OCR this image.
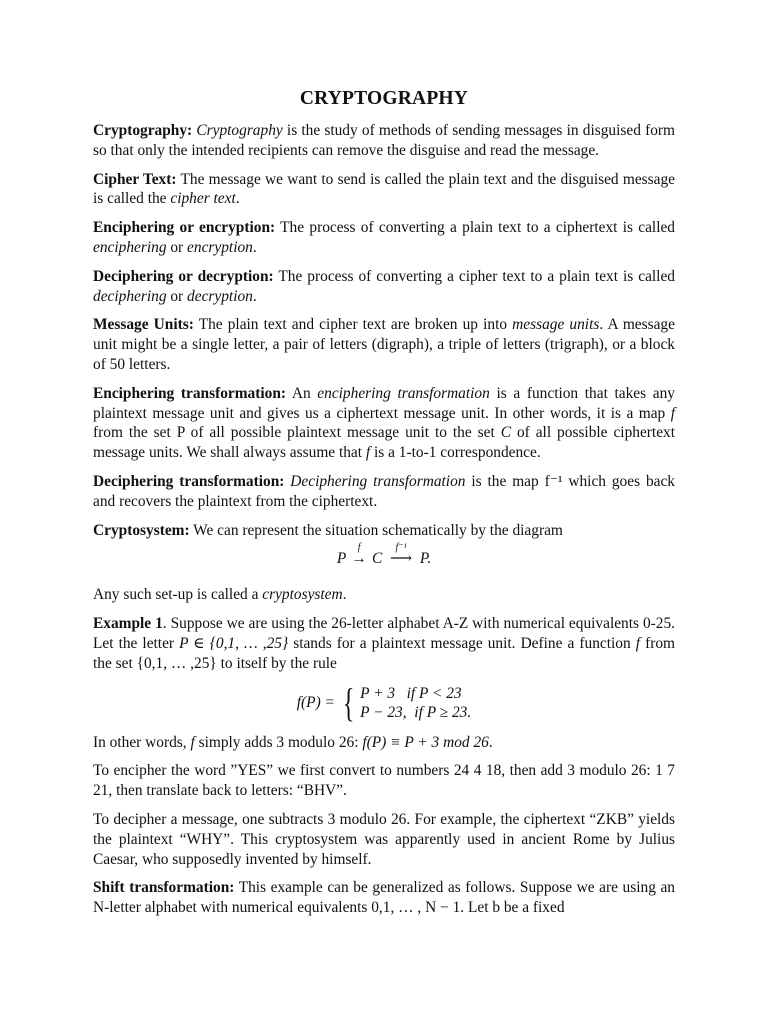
CRYPTOGRAPHY

Cryptography: Cryptography is the study of methods of sending messages in disguised form so that only the intended recipients can remove the disguise and read the message.

Cipher Text: The message we want to send is called the plain text and the disguised message is called the cipher text.

Enciphering or encryption: The process of converting a plain text to a ciphertext is called enciphering or encryption.

Deciphering or decryption: The process of converting a cipher text to a plain text is called deciphering or decryption.

Message Units: The plain text and cipher text are broken up into message units. A message unit might be a single letter, a pair of letters (digraph), a triple of letters (trigraph), or a block of 50 letters.

Enciphering transformation: An enciphering transformation is a function that takes any plaintext message unit and gives us a ciphertext message unit. In other words, it is a map f from the set P of all possible plaintext message unit to the set C of all possible ciphertext message units. We shall always assume that f is a 1-to-1 correspondence.

Deciphering transformation: Deciphering transformation is the map f⁻¹ which goes back and recovers the plaintext from the ciphertext.

Cryptosystem: We can represent the situation schematically by the diagram

P
f
→ C
f⁻¹
⟶ P.

Any such set-up is called a cryptosystem.

Example 1. Suppose we are using the 26-letter alphabet A-Z with numerical equivalents 0-25. Let the letter P ∈ {0,1, … ,25} stands for a plaintext message unit. Define a function f from the set {0,1, … ,25} to itself by the rule

f(P) = { P + 3   if P < 23
P − 23,  if P ≥ 23.

In other words, f simply adds 3 modulo 26: f(P) ≡ P + 3 mod 26.

To encipher the word ”YES” we first convert to numbers 24 4 18, then add 3 modulo 26: 1 7 21, then translate back to letters: “BHV”.

To decipher a message, one subtracts 3 modulo 26. For example, the ciphertext “ZKB” yields the plaintext “WHY”. This cryptosystem was apparently used in ancient Rome by Julius Caesar, who supposedly invented by himself.

Shift transformation: This example can be generalized as follows. Suppose we are using an N-letter alphabet with numerical equivalents 0,1, … , N − 1. Let b be a fixed
